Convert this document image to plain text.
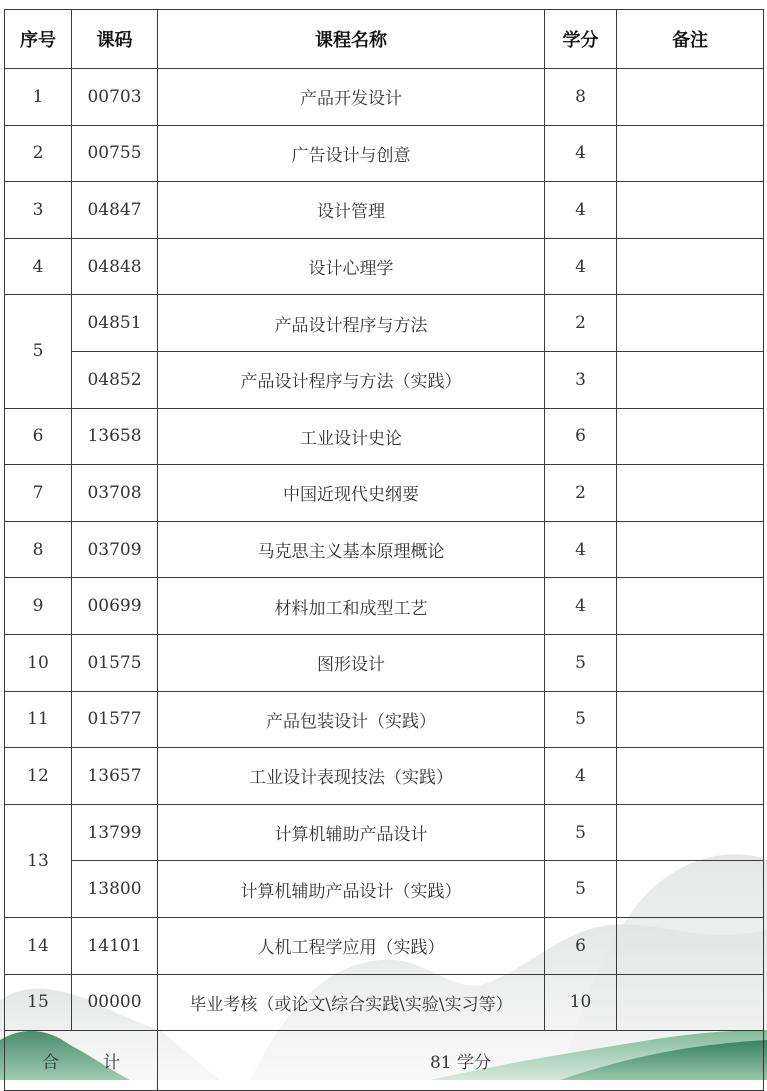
序号	课码	课程名称	学分	备注
1	00703	产品开发设计	8	
2	00755	广告设计与创意	4	
3	04847	设计管理	4	
4	04848	设计心理学	4	
5	04851	产品设计程序与方法	2	
	04852	产品设计程序与方法（实践）	3	
6	13658	工业设计史论	6	
7	03708	中国近现代史纲要	2	
8	03709	马克思主义基本原理概论	4	
9	00699	材料加工和成型工艺	4	
10	01575	图形设计	5	
11	01577	产品包装设计（实践）	5	
12	13657	工业设计表现技法（实践）	4	
13	13799	计算机辅助产品设计	5	
	13800	计算机辅助产品设计（实践）	5	
14	14101	人机工程学应用（实践）	6	
15	00000	毕业考核（或论文\综合实践\实验\实习等）	10	
合 计		81 学分		
